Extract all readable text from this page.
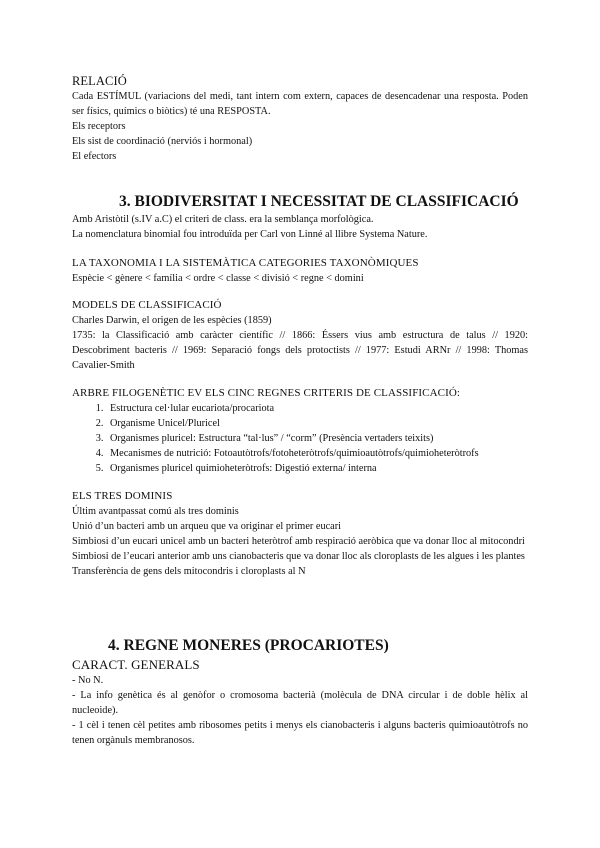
RELACIÓ

Cada ESTÍMUL (variacions del medi, tant intern com extern, capaces de desencadenar una resposta. Poden ser físics, químics o biòtics) té una RESPOSTA.

Els receptors

Els sist de coordinació (nerviós i hormonal)

El efectors

3. BIODIVERSITAT I NECESSITAT DE CLASSIFICACIÓ

Amb Aristòtil (s.IV a.C) el criteri de class. era la semblança morfològica.

La nomenclatura binomial fou introduïda per Carl von Linné al llibre Systema Nature.

LA TAXONOMIA I LA SISTEMÀTICA CATEGORIES TAXONÒMIQUES

Espècie < gènere < família < ordre < classe < divisió < regne < domini

MODELS DE CLASSIFICACIÓ

Charles Darwin, el origen de les espècies (1859)

1735: la Classificació amb caràcter científic // 1866: Éssers vius amb estructura de talus // 1920: Descobriment bacteris // 1969: Separació fongs dels protoctists // 1977: Estudi ARNr // 1998: Thomas Cavalier-Smith

ARBRE FILOGENÈTIC EV ELS CINC REGNES CRITERIS DE CLASSIFICACIÓ:

1. Estructura cel·lular eucariota/procariota
2. Organisme Unicel/Pluricel
3. Organismes pluricel: Estructura “tal·lus” / “corm” (Presència vertaders teixits)
4. Mecanismes de nutrició: Fotoautòtrofs/fotoheteròtrofs/quimioautòtrofs/quimioheteròtrofs
5. Organismes pluricel quimioheteròtrofs: Digestió externa/ interna

ELS TRES DOMINIS

Últim avantpassat comú als tres dominis

Unió d’un bacteri amb un arqueu que va originar el primer eucari

Simbiosi d’un eucari unicel amb un bacteri heteròtrof amb respiració aeròbica que va donar lloc al mitocondri

Simbiosi de l’eucari anterior amb uns cianobacteris que va donar lloc als cloroplasts de les algues i les plantes

Transferència de gens dels mitocondris i cloroplasts al N

4. REGNE MONERES (PROCARIOTES)

CARACT. GENERALS

- No N.

- La info genètica és al genòfor o cromosoma bacterià (molècula de DNA circular i de doble hèlix al nucleoide).

- 1 cèl i tenen cèl petites amb ribosomes petits i menys els cianobacteris i alguns bacteris quimioautòtrofs no tenen orgànuls membranosos.
